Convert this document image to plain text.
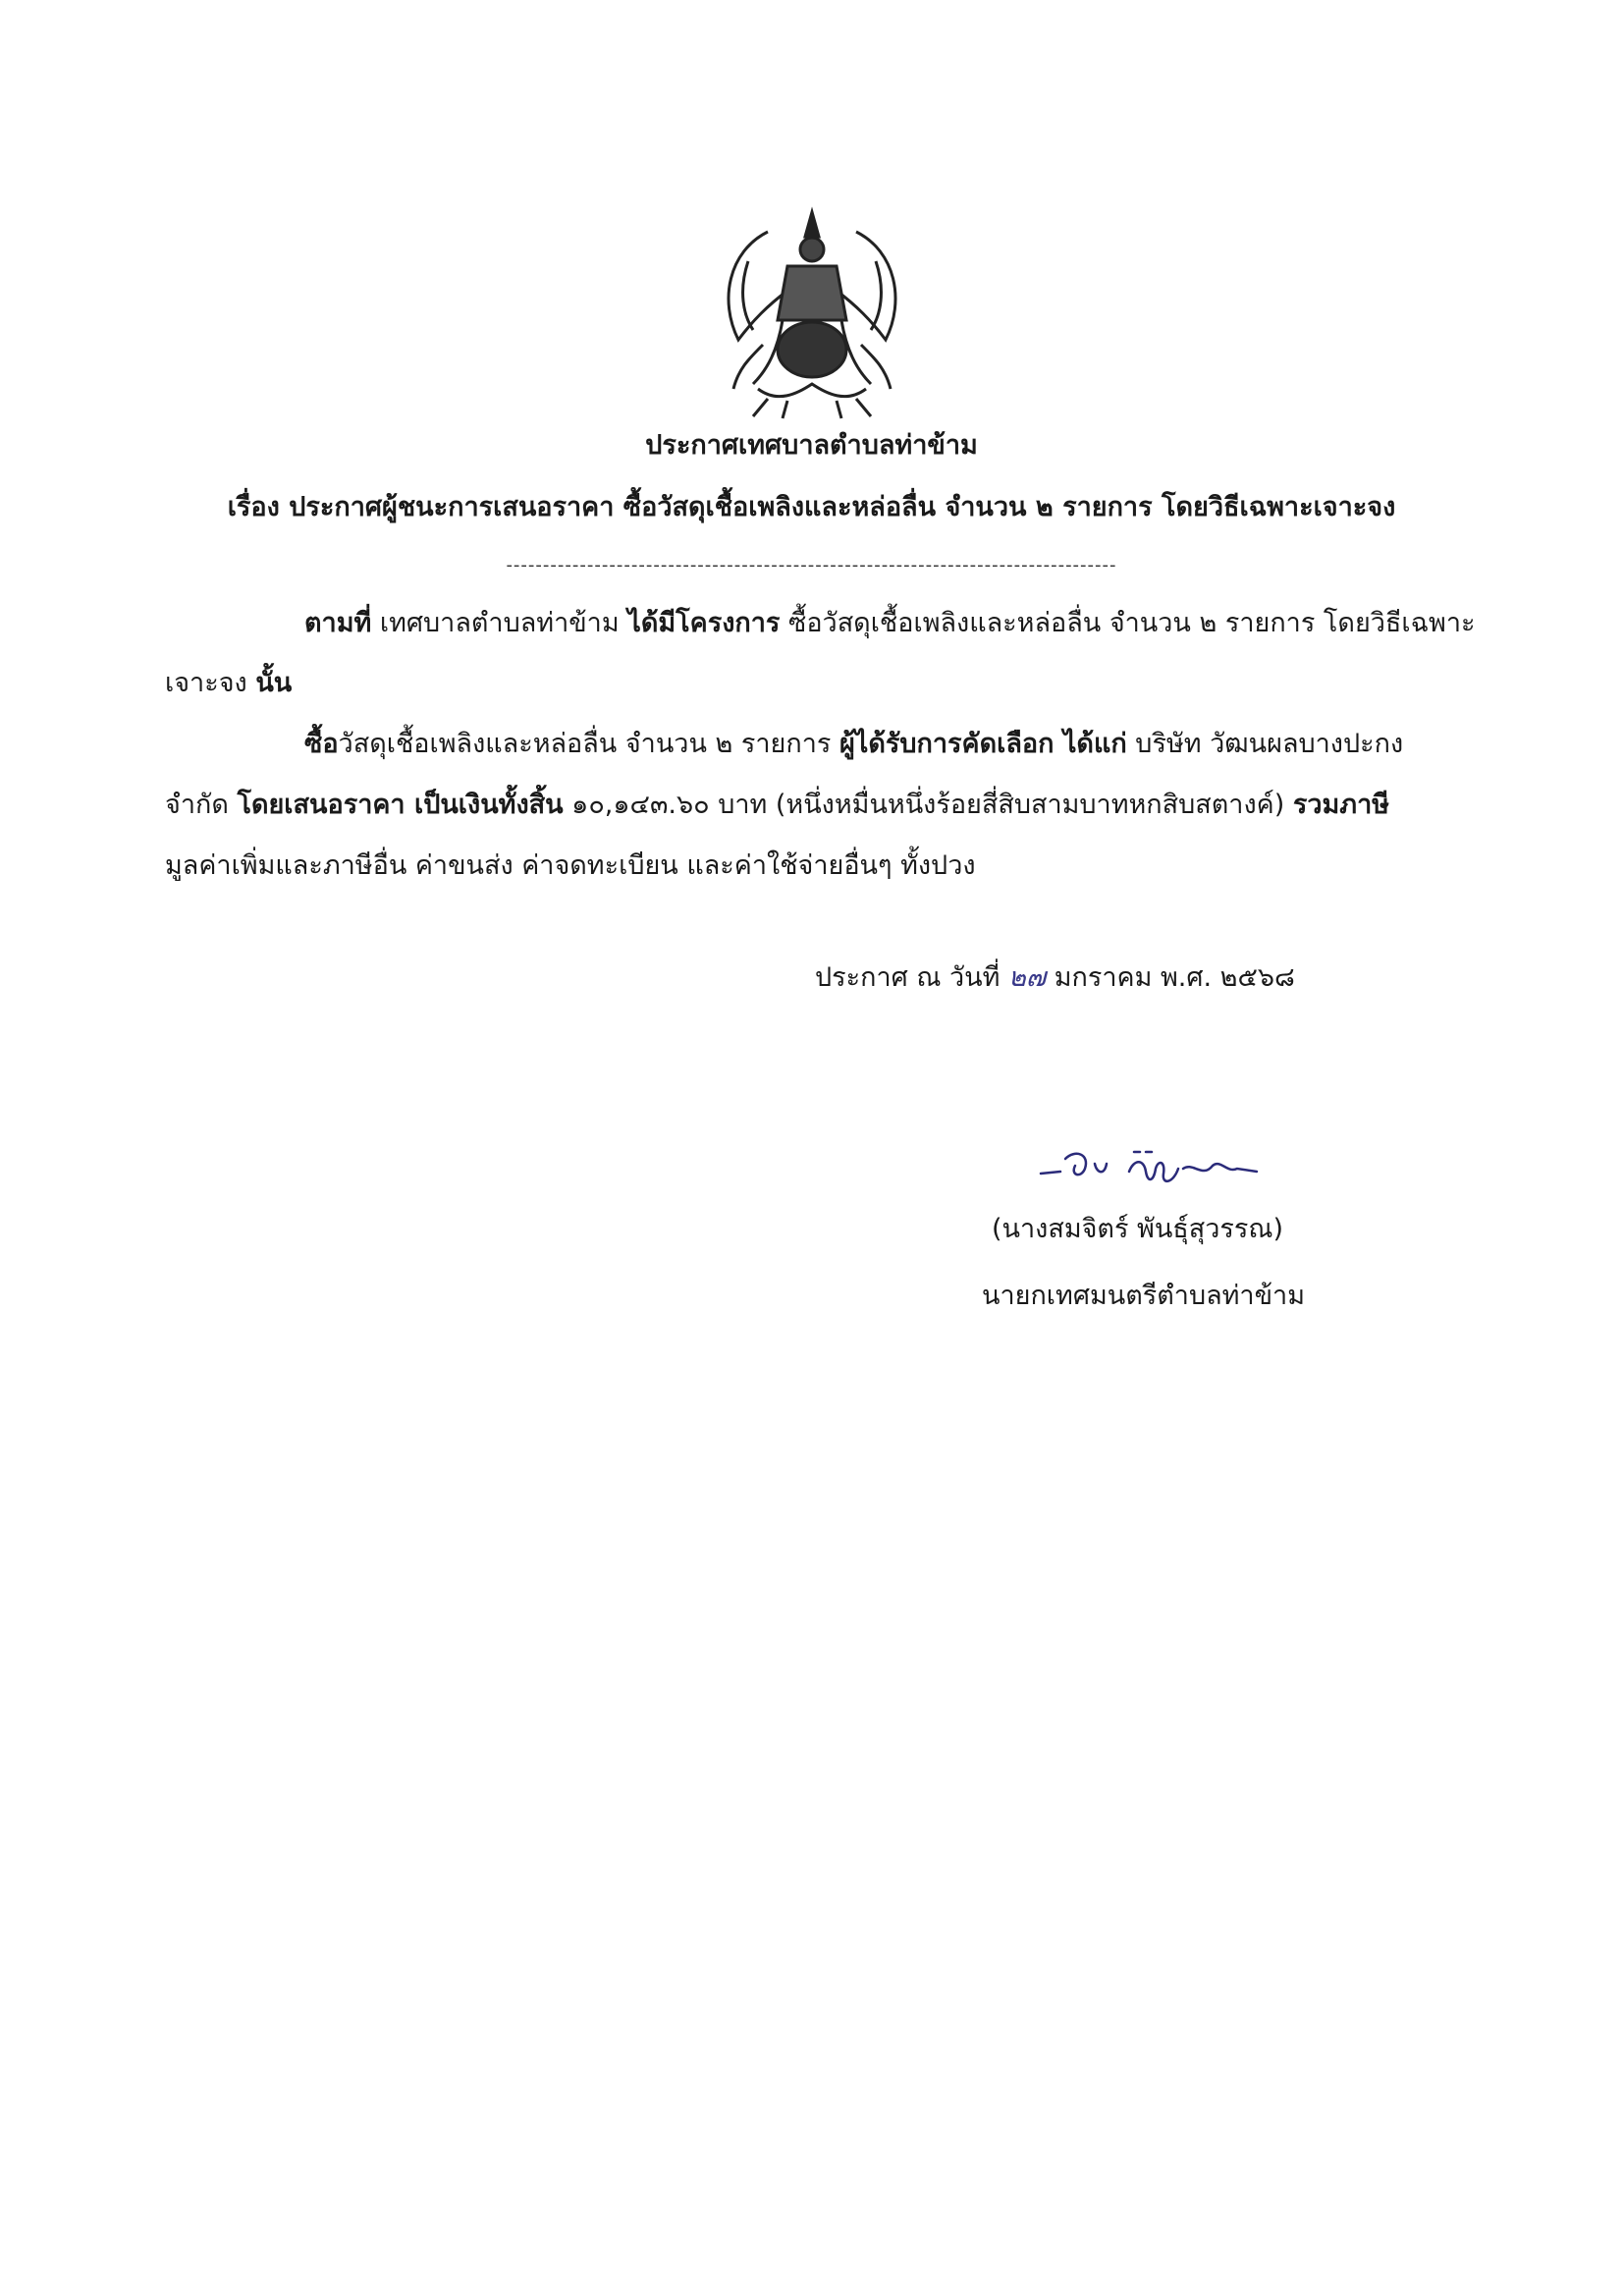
ประกาศเทศบาลตำบลท่าข้าม
เรื่อง ประกาศผู้ชนะการเสนอราคา ซื้อวัสดุเชื้อเพลิงและหล่อลื่น จำนวน ๒ รายการ โดยวิธีเฉพาะเจาะจง
-----------------------------------------------------------------------------------
ตามที่ เทศบาลตำบลท่าข้าม ได้มีโครงการ ซื้อวัสดุเชื้อเพลิงและหล่อลื่น จำนวน ๒ รายการ โดยวิธีเฉพาะ
เจาะจง นั้น
ซื้อวัสดุเชื้อเพลิงและหล่อลื่น จำนวน ๒ รายการ ผู้ได้รับการคัดเลือก ได้แก่ บริษัท วัฒนผลบางปะกง
จำกัด โดยเสนอราคา เป็นเงินทั้งสิ้น ๑๐,๑๔๓.๖๐ บาท (หนึ่งหมื่นหนึ่งร้อยสี่สิบสามบาทหกสิบสตางค์) รวมภาษี
มูลค่าเพิ่มและภาษีอื่น ค่าขนส่ง ค่าจดทะเบียน และค่าใช้จ่ายอื่นๆ ทั้งปวง
ประกาศ ณ วันที่ ๒๗ มกราคม พ.ศ. ๒๕๖๘
(นางสมจิตร์ พันธุ์สุวรรณ)
นายกเทศมนตรีตำบลท่าข้าม
